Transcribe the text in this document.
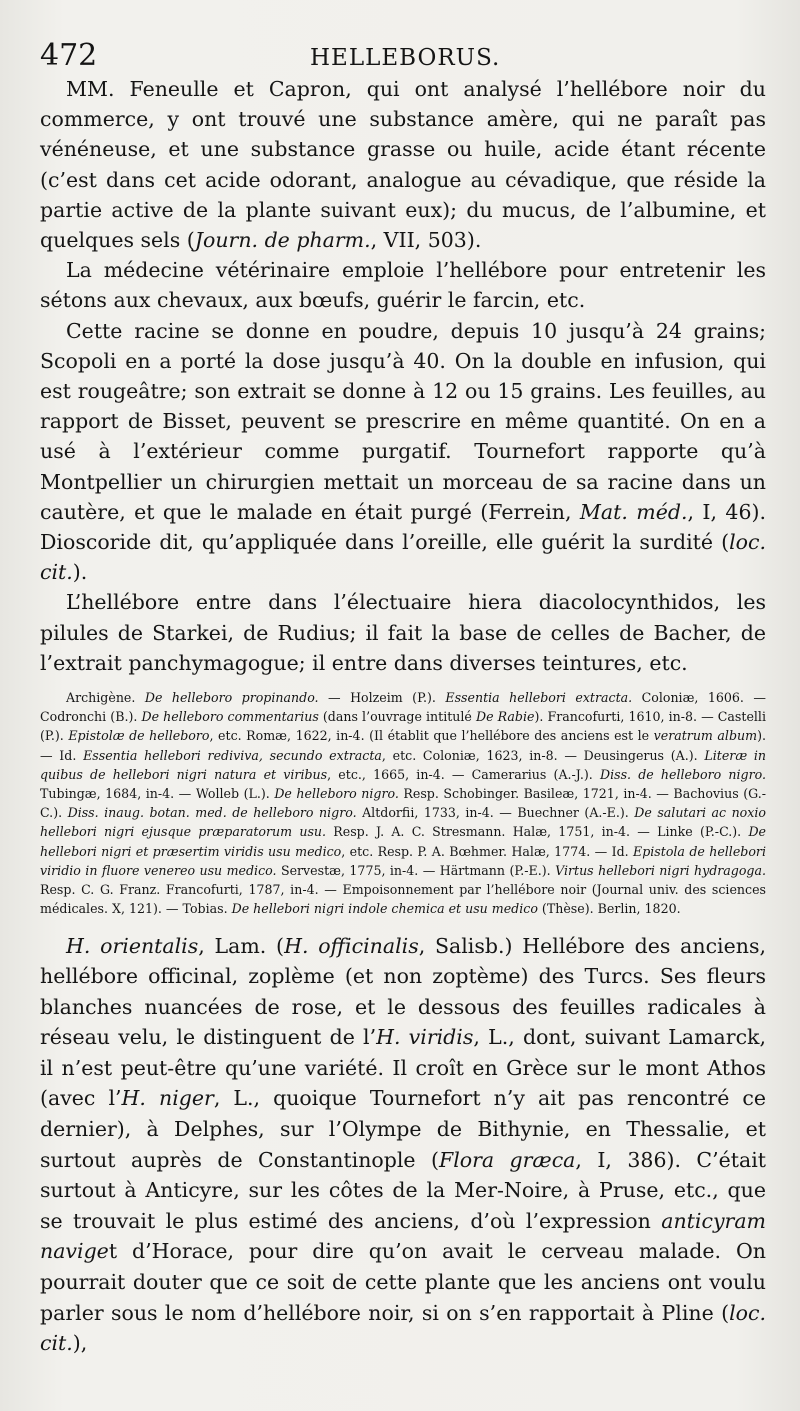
472	HELLEBORUS.

MM. Feneulle et Capron, qui ont analysé l’hellébore noir du commerce, y ont trouvé une substance amère, qui ne paraît pas vénéneuse, et une substance grasse ou huile, acide étant récente (c’est dans cet acide odorant, analogue au cévadique, que réside la partie active de la plante suivant eux); du mucus, de l’albumine, et quelques sels (Journ. de pharm., VII, 503).

La médecine vétérinaire emploie l’hellébore pour entretenir les sétons aux chevaux, aux bœufs, guérir le farcin, etc.

Cette racine se donne en poudre, depuis 10 jusqu’à 24 grains; Scopoli en a porté la dose jusqu’à 40. On la double en infusion, qui est rougeâtre; son extrait se donne à 12 ou 15 grains. Les feuilles, au rapport de Bisset, peuvent se prescrire en même quantité. On en a usé à l’extérieur comme purgatif. Tournefort rapporte qu’à Montpellier un chirurgien mettait un morceau de sa racine dans un cautère, et que le malade en était purgé (Ferrein, Mat. méd., I, 46). Dioscoride dit, qu’appliquée dans l’oreille, elle guérit la surdité (loc. cit.).

L’hellébore entre dans l’électuaire hiera diacolocynthidos, les pilules de Starkei, de Rudius; il fait la base de celles de Bacher, de l’extrait panchymagogue; il entre dans diverses teintures, etc.

Archigène. De helleboro propinando. — Holzeim (P.). Essentia hellebori extracta. Coloniæ, 1606. — Codronchi (B.). De helleboro commentarius (dans l’ouvrage intitulé De Rabie). Francofurti, 1610, in-8. — Castelli (P.). Epistolæ de helleboro, etc. Romæ, 1622, in-4. (Il établit que l’hellébore des anciens est le veratrum album). — Id. Essentia hellebori rediviva, secundo extracta, etc. Coloniæ, 1623, in-8. — Deusingerus (A.). Literæ in quibus de hellebori nigri natura et viribus, etc., 1665, in-4. — Camerarius (A.-J.). Diss. de helleboro nigro. Tubingæ, 1684, in-4. — Wolleb (L.). De helleboro nigro. Resp. Schobinger. Basileæ, 1721, in-4. — Bachovius (G.-C.). Diss. inaug. botan. med. de helleboro nigro. Altdorfii, 1733, in-4. — Buechner (A.-E.). De salutari ac noxio hellebori nigri ejusque præparatorum usu. Resp. J. A. C. Stresmann. Halæ, 1751, in-4. — Linke (P.-C.). De hellebori nigri et præsertim viridis usu medico, etc. Resp. P. A. Bœhmer. Halæ, 1774. — Id. Epistola de hellebori viridio in fluore venereo usu medico. Servestæ, 1775, in-4. — Härtmann (P.-E.). Virtus hellebori nigri hydragoga. Resp. C. G. Franz. Francofurti, 1787, in-4. — Empoisonnement par l’hellébore noir (Journal univ. des sciences médicales. X, 121). — Tobias. De hellebori nigri indole chemica et usu medico (Thèse). Berlin, 1820.

H. orientalis, Lam. (H. officinalis, Salisb.) Hellébore des anciens, hellébore officinal, zoplème (et non zoptème) des Turcs. Ses fleurs blanches nuancées de rose, et le dessous des feuilles radicales à réseau velu, le distinguent de l’H. viridis, L., dont, suivant Lamarck, il n’est peut-être qu’une variété. Il croît en Grèce sur le mont Athos (avec l’H. niger, L., quoique Tournefort n’y ait pas rencontré ce dernier), à Delphes, sur l’Olympe de Bithynie, en Thessalie, et surtout auprès de Constantinople (Flora græca, I, 386). C’était surtout à Anticyre, sur les côtes de la Mer-Noire, à Pruse, etc., que se trouvait le plus estimé des anciens, d’où l’expression anticyram naviget d’Horace, pour dire qu’on avait le cerveau malade. On pourrait douter que ce soit de cette plante que les anciens ont voulu parler sous le nom d’hellébore noir, si on s’en rapportait à Pline (loc. cit.),
